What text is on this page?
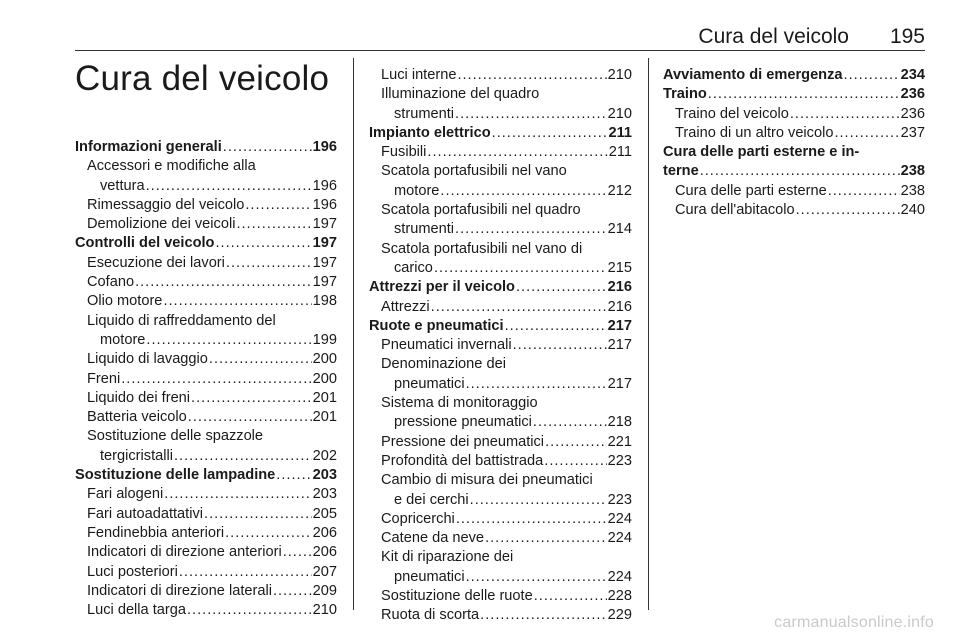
Cura del veicolo 195
Cura del veicolo
Informazioni generali .....	196
Accessori e modifiche alla
vettura .....	196
Rimessaggio del veicolo .....	196
Demolizione dei veicoli .....	197
Controlli del veicolo .....	197
Esecuzione dei lavori .....	197
Cofano .....	197
Olio motore .....	198
Liquido di raffreddamento del
motore .....	199
Liquido di lavaggio .....	200
Freni .....	200
Liquido dei freni .....	201
Batteria veicolo .....	201
Sostituzione delle spazzole
tergicristalli .....	202
Sostituzione delle lampadine .....	203
Fari alogeni .....	203
Fari autoadattativi .....	205
Fendinebbia anteriori .....	206
Indicatori di direzione anteriori ..... 206
Luci posteriori .....	207
Indicatori di direzione laterali .....	209
Luci della targa .....	210
Luci interne .....	210
Illuminazione del quadro
strumenti .....	210
Impianto elettrico .....	211
Fusibili .....	211
Scatola portafusibili nel vano
motore .....	212
Scatola portafusibili nel quadro
strumenti .....	214
Scatola portafusibili nel vano di
carico .....	215
Attrezzi per il veicolo .....	216
Attrezzi .....	216
Ruote e pneumatici .....	217
Pneumatici invernali .....	217
Denominazione dei
pneumatici .....	217
Sistema di monitoraggio
pressione pneumatici .....	218
Pressione dei pneumatici .....	221
Profondità del battistrada .....	223
Cambio di misura dei pneumatici
e dei cerchi .....	223
Copricerchi .....	224
Catene da neve .....	224
Kit di riparazione dei
pneumatici .....	224
Sostituzione delle ruote .....	228
Ruota di scorta .....	229
Avviamento di emergenza .....	234
Traino .....	236
Traino del veicolo .....	236
Traino di un altro veicolo .....	237
Cura delle parti esterne e in-
terne .....	238
Cura delle parti esterne .....	238
Cura dell'abitacolo .....	240
carmanualsonline.info
